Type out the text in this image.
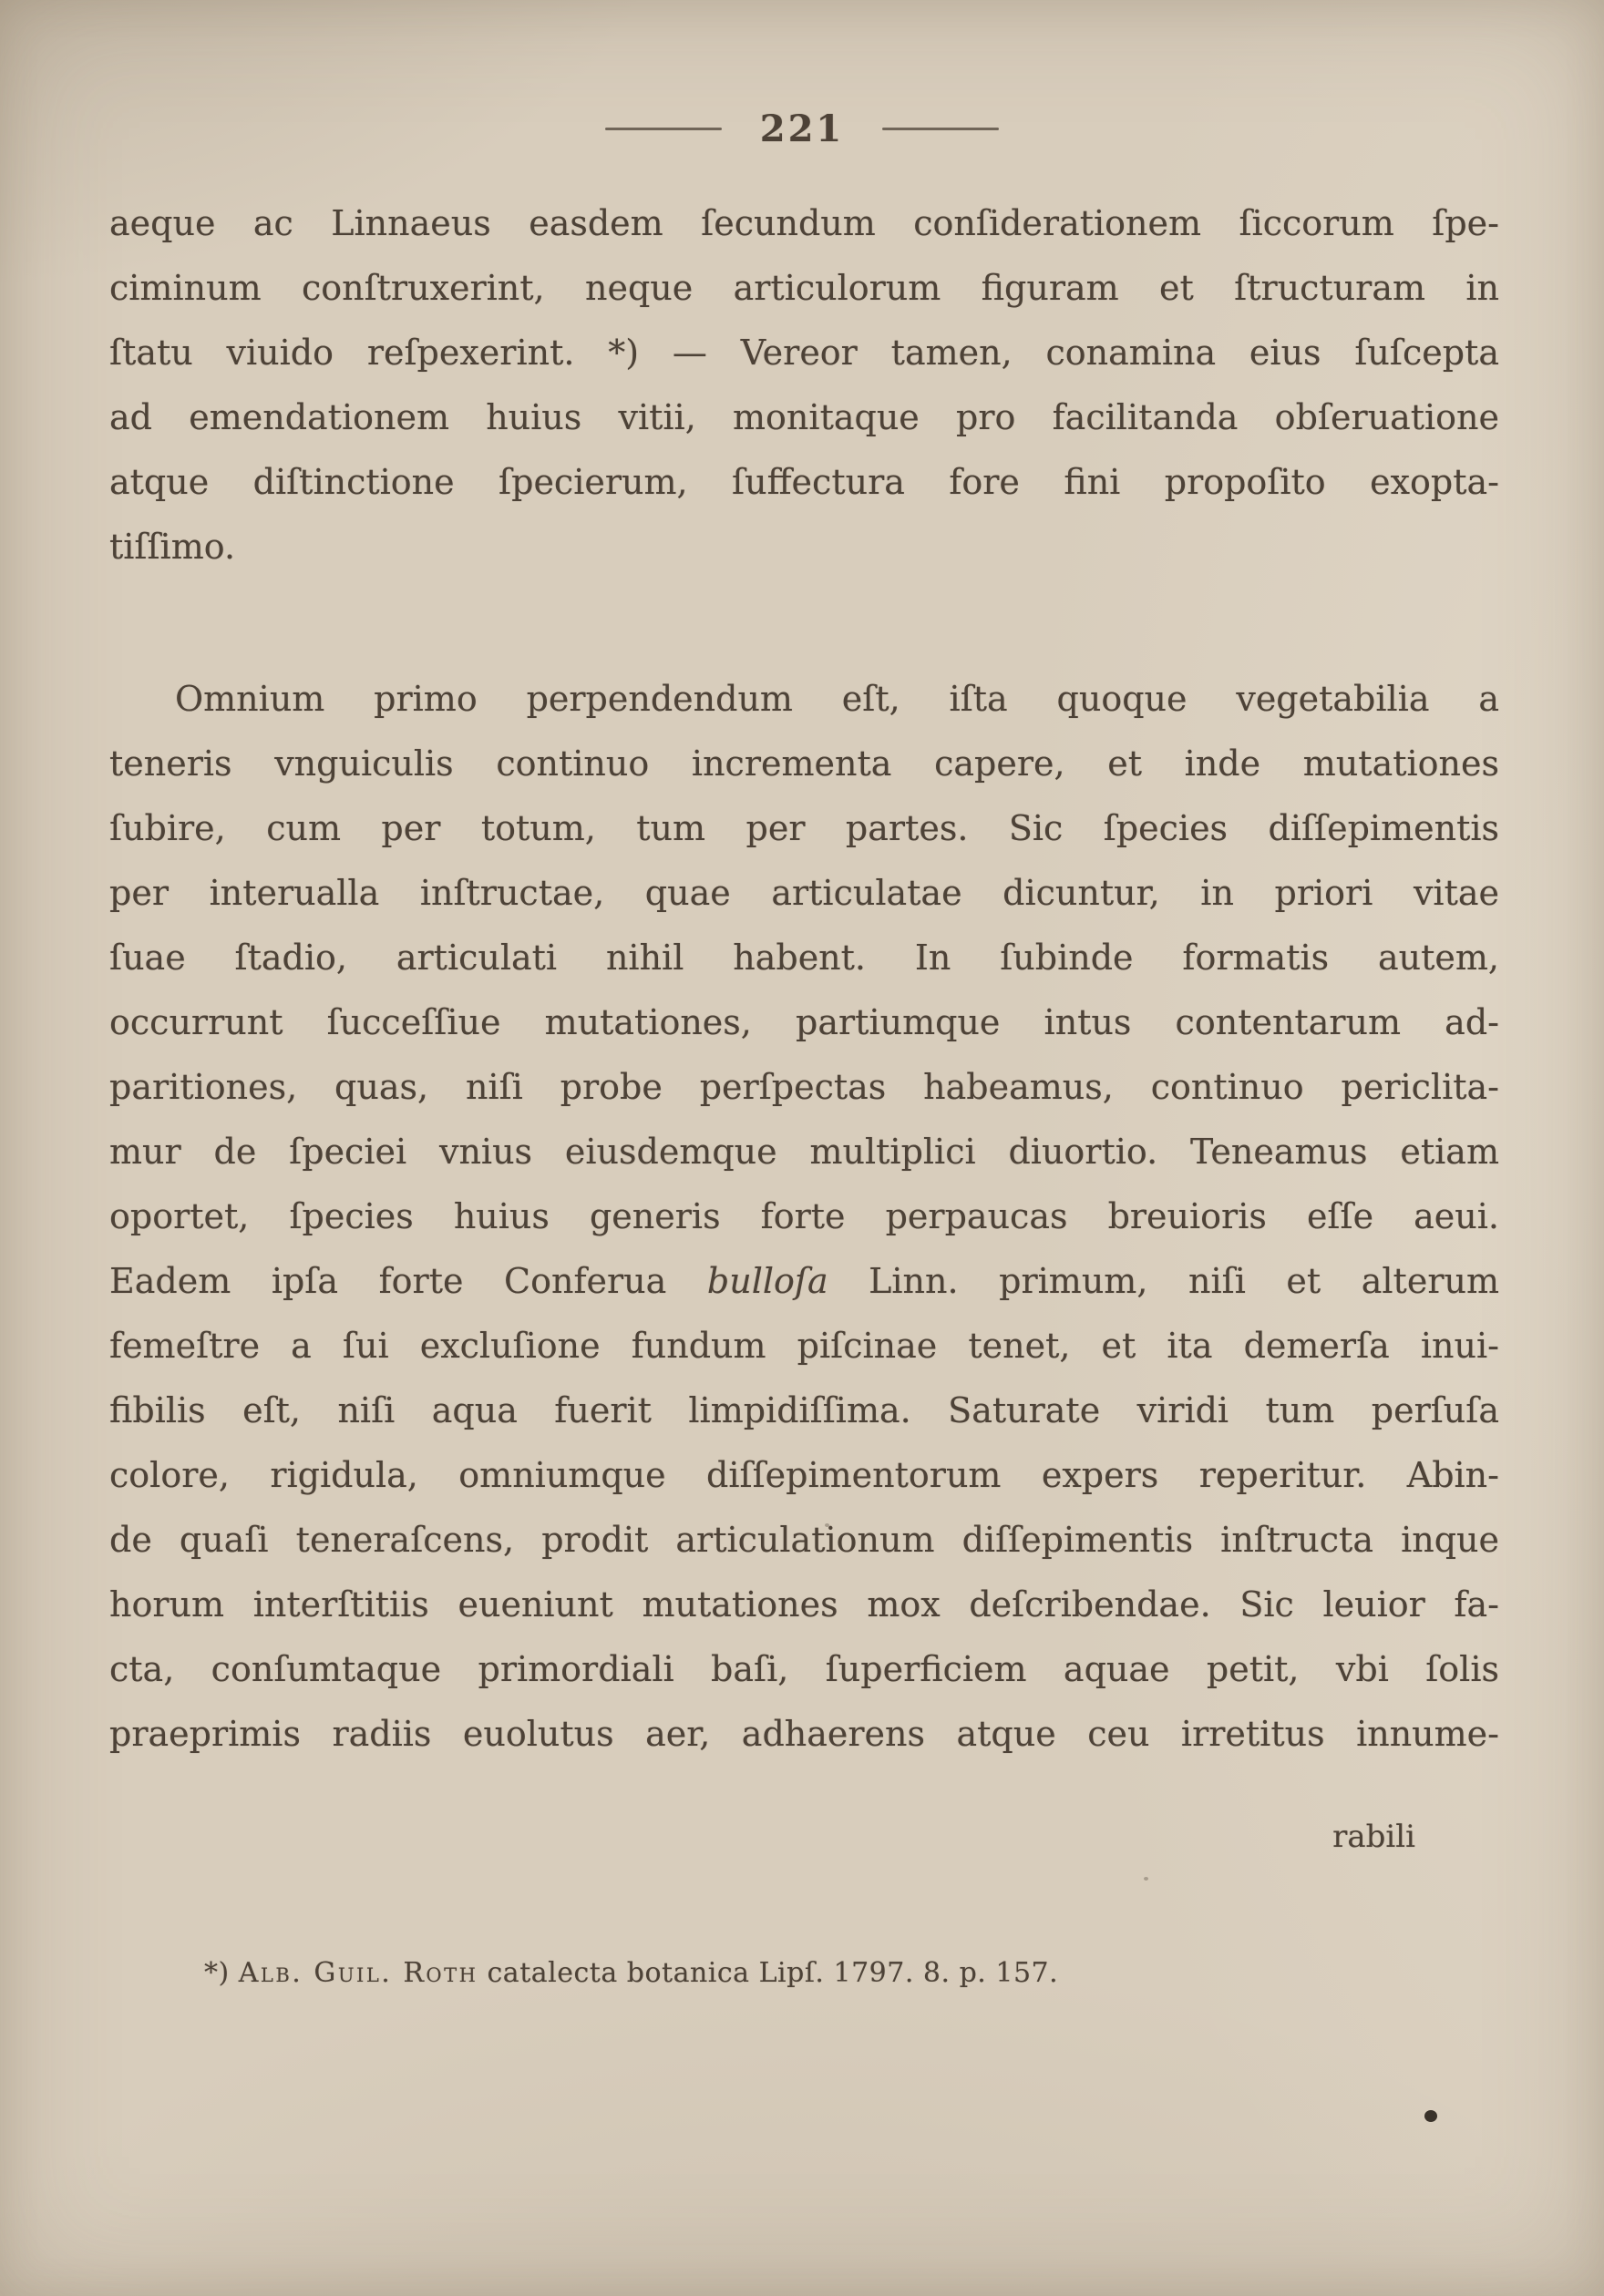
221
aeque ac Linnaeus easdem ſecundum conſiderationem ſiccorum ſpe-
ciminum conſtruxerint, neque articulorum figuram et ſtructuram in
ſtatu viuido reſpexerint. *) — Vereor tamen, conamina eius ſuſcepta
ad emendationem huius vitii, monitaque pro facilitanda obſeruatione
atque diſtinctione ſpecierum, ſuffectura fore fini propoſito exopta-
tiſſimo.
Omnium primo perpendendum eſt, iſta quoque vegetabilia a
teneris vnguiculis continuo incrementa capere, et inde mutationes
ſubire, cum per totum, tum per partes. Sic ſpecies diſſepimentis
per interualla inſtructae, quae articulatae dicuntur, in priori vitae
ſuae ſtadio, articulati nihil habent. In ſubinde formatis autem,
occurrunt ſucceſſiue mutationes, partiumque intus contentarum ad-
paritiones, quas, niſi probe perſpectas habeamus, continuo periclita-
mur de ſpeciei vnius eiusdemque multiplici diuortio. Teneamus etiam
oportet, ſpecies huius generis forte perpaucas breuioris eſſe aeui.
Eadem ipſa forte Conferua bulloſa Linn. primum, niſi et alterum
femeſtre a ſui excluſione fundum piſcinae tenet, et ita demerſa inui-
fibilis eſt, niſi aqua fuerit limpidiſſima. Saturate viridi tum perſuſa
colore, rigidula, omniumque diſſepimentorum expers reperitur. Abin-
de quaſi teneraſcens, prodit articulationum diſſepimentis inſtructa inque
horum interſtitiis eueniunt mutationes mox deſcribendae. Sic leuior fa-
cta, conſumtaque primordiali baſi, ſuperficiem aquae petit, vbi ſolis
praeprimis radiis euolutus aer, adhaerens atque ceu irretitus innume-
rabili
*) Alb. Guil. Roth catalecta botanica Lipſ. 1797. 8. p. 157.
